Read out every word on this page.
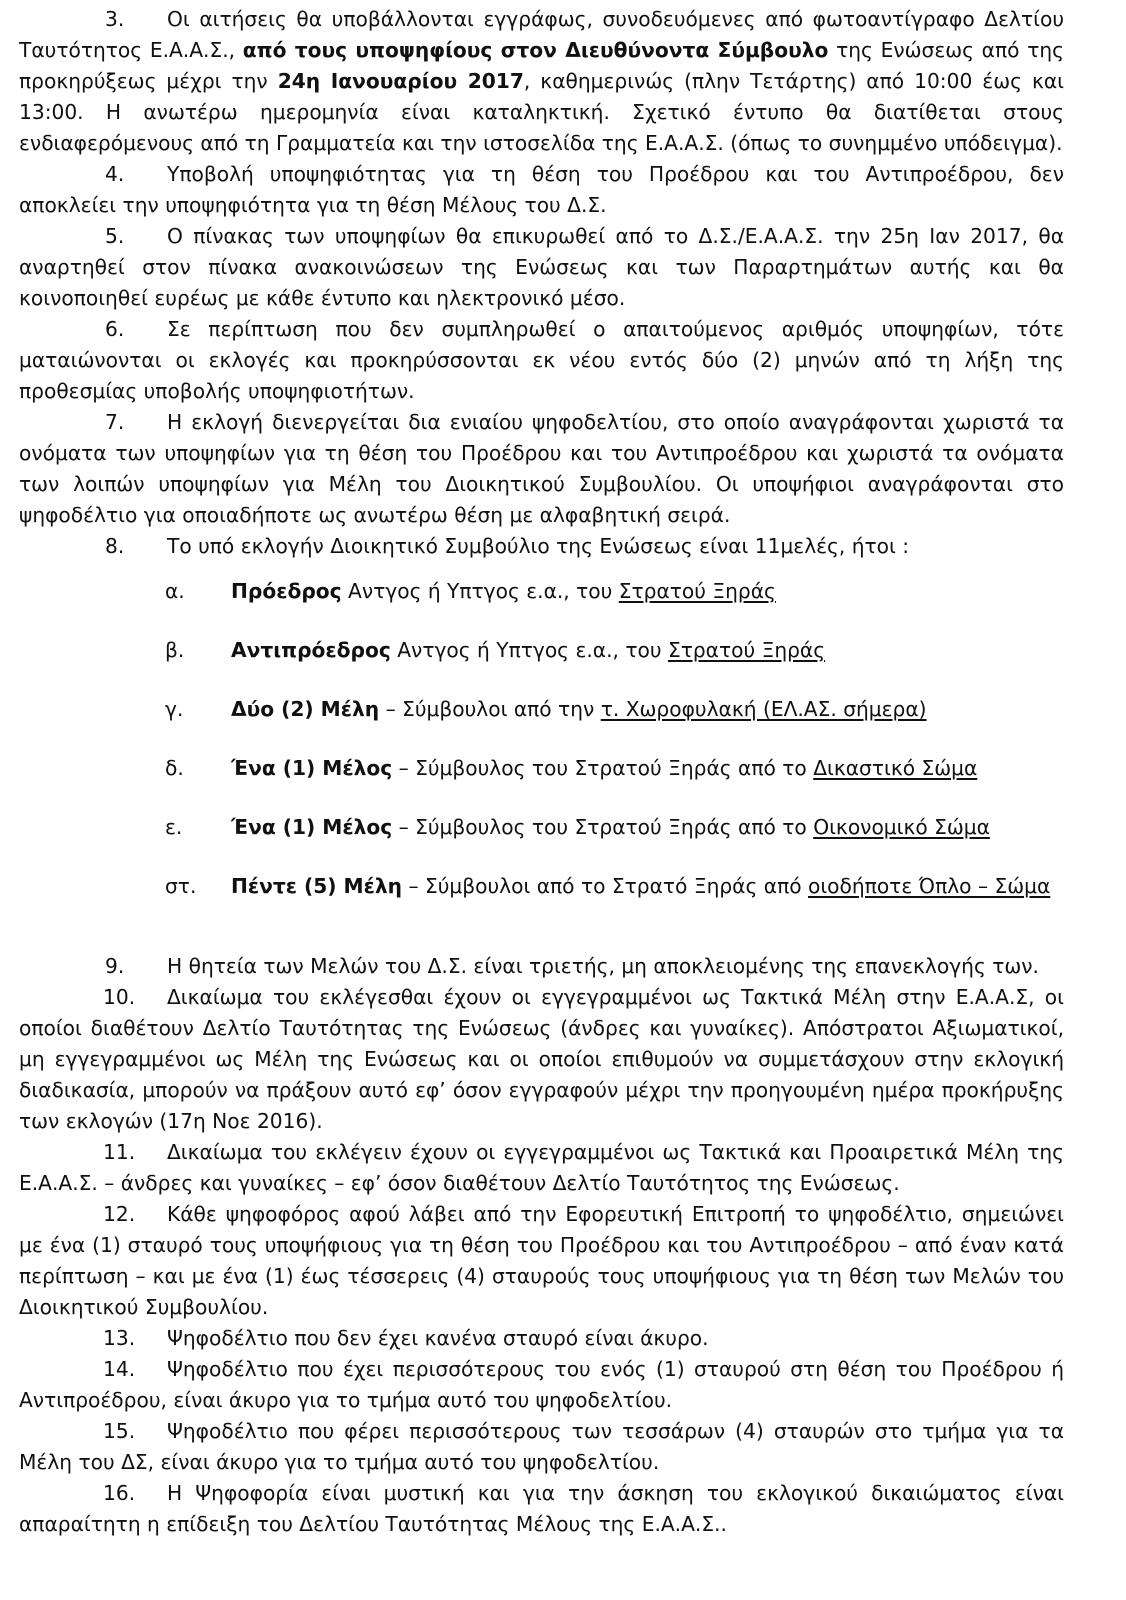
3. Οι αιτήσεις θα υποβάλλονται εγγράφως, συνοδευόμενες από φωτοαντίγραφο Δελτίου Ταυτότητος Ε.Α.Α.Σ., από τους υποψηφίους στον Διευθύνοντα Σύμβουλο της Ενώσεως από της προκηρύξεως μέχρι την 24η Ιανουαρίου 2017, καθημερινώς (πλην Τετάρτης) από 10:00 έως και 13:00. Η ανωτέρω ημερομηνία είναι καταληκτική. Σχετικό έντυπο θα διατίθεται στους ενδιαφερόμενους από τη Γραμματεία και την ιστοσελίδα της Ε.Α.Α.Σ. (όπως το συνημμένο υπόδειγμα).

4. Υποβολή υποψηφιότητας για τη θέση του Προέδρου και του Αντιπροέδρου, δεν αποκλείει την υποψηφιότητα για τη θέση Μέλους του Δ.Σ.

5. Ο πίνακας των υποψηφίων θα επικυρωθεί από το Δ.Σ./Ε.Α.Α.Σ. την 25η Ιαν 2017, θα αναρτηθεί στον πίνακα ανακοινώσεων της Ενώσεως και των Παραρτημάτων αυτής και θα κοινοποιηθεί ευρέως με κάθε έντυπο και ηλεκτρονικό μέσο.

6. Σε περίπτωση που δεν συμπληρωθεί ο απαιτούμενος αριθμός υποψηφίων, τότε ματαιώνονται οι εκλογές και προκηρύσσονται εκ νέου εντός δύο (2) μηνών από τη λήξη της προθεσμίας υποβολής υποψηφιοτήτων.

7. Η εκλογή διενεργείται δια ενιαίου ψηφοδελτίου, στο οποίο αναγράφονται χωριστά τα ονόματα των υποψηφίων για τη θέση του Προέδρου και του Αντιπροέδρου και χωριστά τα ονόματα των λοιπών υποψηφίων για Μέλη του Διοικητικού Συμβουλίου. Οι υποψήφιοι αναγράφονται στο ψηφοδέλτιο για οποιαδήποτε ως ανωτέρω θέση με αλφαβητική σειρά.

8. Το υπό εκλογήν Διοικητικό Συμβούλιο της Ενώσεως είναι 11μελές, ήτοι :

α. Πρόεδρος Αντγος ή Υπτγος ε.α., του Στρατού Ξηράς
β. Αντιπρόεδρος Αντγος ή Υπτγος ε.α., του Στρατού Ξηράς
γ. Δύο (2) Μέλη – Σύμβουλοι από την τ. Χωροφυλακή (ΕΛ.ΑΣ. σήμερα)
δ. Ένα (1) Μέλος – Σύμβουλος του Στρατού Ξηράς από το Δικαστικό Σώμα
ε. Ένα (1) Μέλος – Σύμβουλος του Στρατού Ξηράς από το Οικονομικό Σώμα
στ. Πέντε (5) Μέλη – Σύμβουλοι από το Στρατό Ξηράς από οιοδήποτε Όπλο – Σώμα

9. Η θητεία των Μελών του Δ.Σ. είναι τριετής, μη αποκλειομένης της επανεκλογής των.

10. Δικαίωμα του εκλέγεσθαι έχουν οι εγγεγραμμένοι ως Τακτικά Μέλη στην Ε.Α.Α.Σ, οι οποίοι διαθέτουν Δελτίο Ταυτότητας της Ενώσεως (άνδρες και γυναίκες). Απόστρατοι Αξιωματικοί, μη εγγεγραμμένοι ως Μέλη της Ενώσεως και οι οποίοι επιθυμούν να συμμετάσχουν στην εκλογική διαδικασία, μπορούν να πράξουν αυτό εφ’ όσον εγγραφούν μέχρι την προηγουμένη ημέρα προκήρυξης των εκλογών (17η Νοε 2016).

11. Δικαίωμα του εκλέγειν έχουν οι εγγεγραμμένοι ως Τακτικά και Προαιρετικά Μέλη της Ε.Α.Α.Σ. – άνδρες και γυναίκες – εφ’ όσον διαθέτουν Δελτίο Ταυτότητος της Ενώσεως.

12. Κάθε ψηφοφόρος αφού λάβει από την Εφορευτική Επιτροπή το ψηφοδέλτιο, σημειώνει με ένα (1) σταυρό τους υποψήφιους για τη θέση του Προέδρου και του Αντιπροέδρου – από έναν κατά περίπτωση – και με ένα (1) έως τέσσερεις (4) σταυρούς τους υποψήφιους για τη θέση των Μελών του Διοικητικού Συμβουλίου.

13. Ψηφοδέλτιο που δεν έχει κανένα σταυρό είναι άκυρο.

14. Ψηφοδέλτιο που έχει περισσότερους του ενός (1) σταυρού στη θέση του Προέδρου ή Αντιπροέδρου, είναι άκυρο για το τμήμα αυτό του ψηφοδελτίου.

15. Ψηφοδέλτιο που φέρει περισσότερους των τεσσάρων (4) σταυρών στο τμήμα για τα Μέλη του ΔΣ, είναι άκυρο για το τμήμα αυτό του ψηφοδελτίου.

16. Η Ψηφοφορία είναι μυστική και για την άσκηση του εκλογικού δικαιώματος είναι απαραίτητη η επίδειξη του Δελτίου Ταυτότητας Μέλους της Ε.Α.Α.Σ..
